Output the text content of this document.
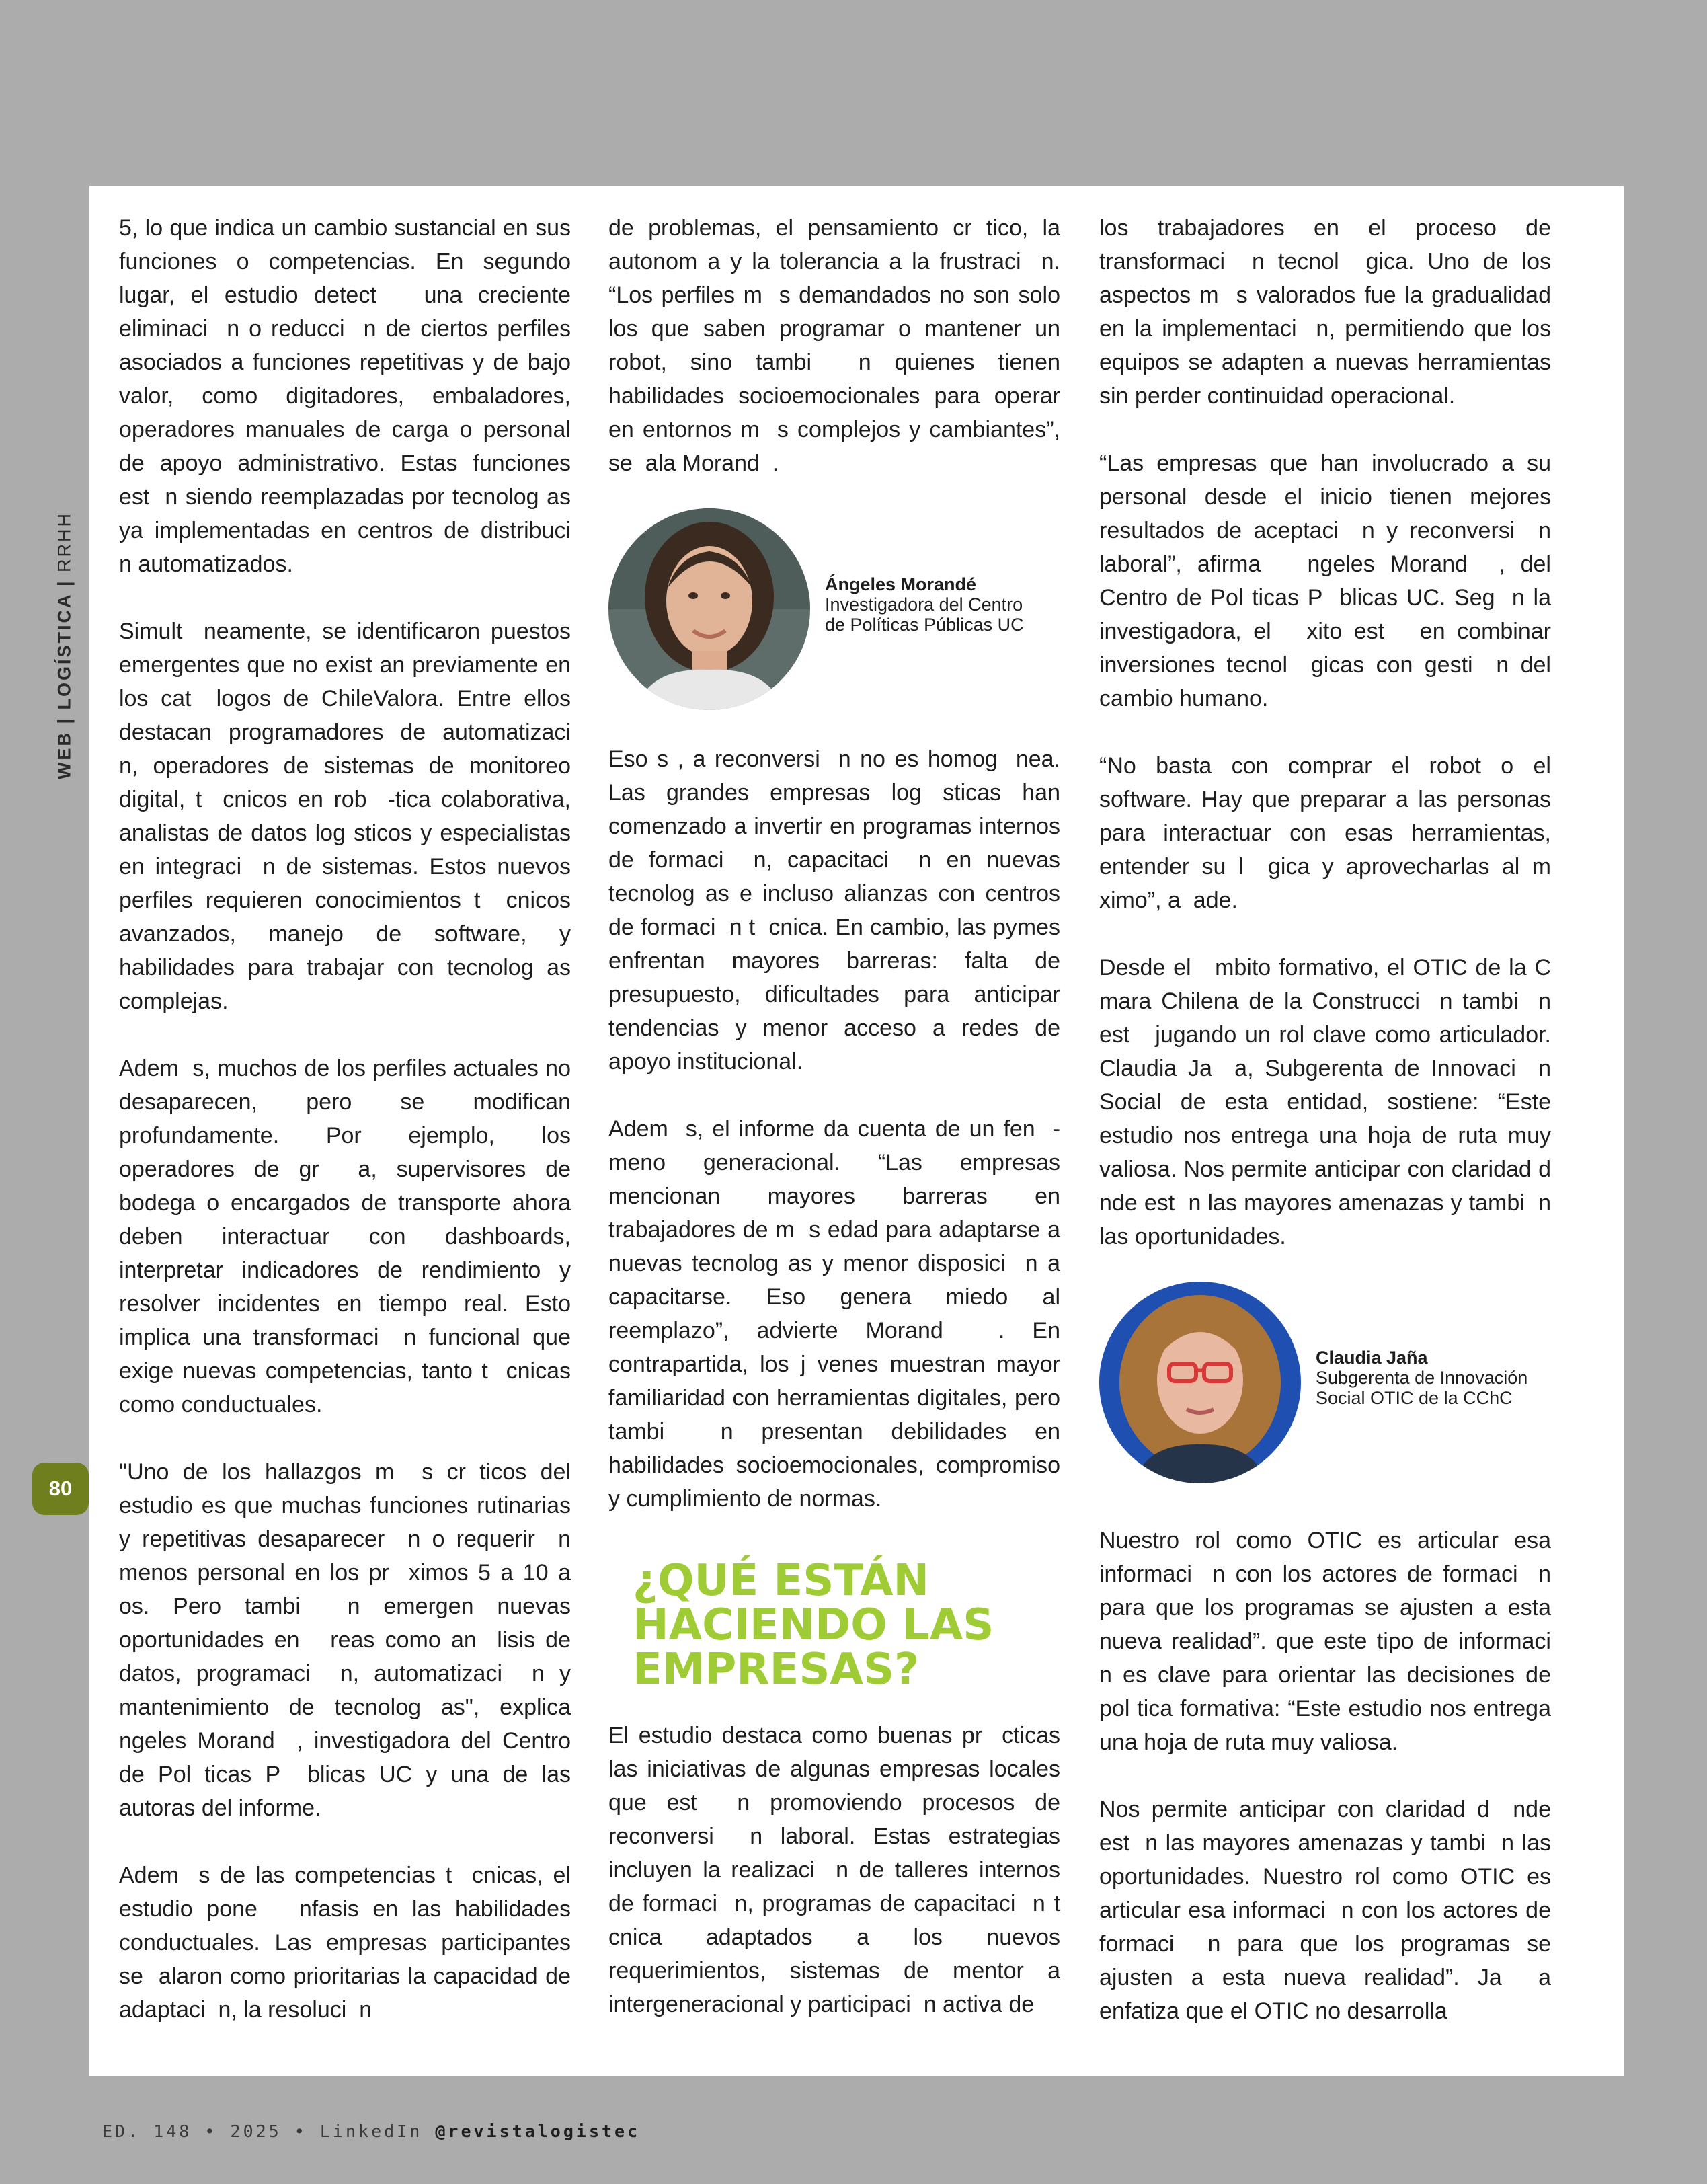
WEB | LOGÍSTICA | RRHH
80

5, lo que indica un cambio sustancial en sus funciones o competencias. En segundo lugar, el estudio detect   una creciente eliminaci  n o reducci  n de ciertos perfiles asociados a funciones repetitivas y de bajo valor, como digitadores, embaladores, operadores manuales de carga o personal de apoyo administrativo. Estas funciones est  n siendo reemplazadas por tecnolog as ya implementadas en centros de distribuci  n automatizados.

Simult  neamente, se identificaron puestos emergentes que no exist an previamente en los cat  logos de ChileValora. Entre ellos destacan programadores de automatizaci  n, operadores de sistemas de monitoreo digital, t  cnicos en rob  -tica colaborativa, analistas de datos log sticos y especialistas en integraci  n de sistemas. Estos nuevos perfiles requieren conocimientos t  cnicos avanzados, manejo de software, y habilidades para trabajar con tecnolog as complejas.

Adem  s, muchos de los perfiles actuales no desaparecen, pero se modifican profundamente. Por ejemplo, los operadores de gr  a, supervisores de bodega o encargados de transporte ahora deben interactuar con dashboards, interpretar indicadores de rendimiento y resolver incidentes en tiempo real. Esto implica una transformaci  n funcional que exige nuevas competencias, tanto t  cnicas como conductuales.

"Uno de los hallazgos m  s cr ticos del estudio es que muchas funciones rutinarias y repetitivas desaparecer  n o requerir  n menos personal en los pr  ximos 5 a 10 a  os. Pero tambi  n emergen nuevas oportunidades en   reas como an  lisis de datos, programaci  n, automatizaci  n y mantenimiento de tecnolog as", explica   ngeles Morand  , investigadora del Centro de Pol ticas P  blicas UC y una de las autoras del informe.

Adem  s de las competencias t  cnicas, el estudio pone   nfasis en las habilidades conductuales. Las empresas participantes se  alaron como prioritarias la capacidad de adaptaci  n, la resoluci  n

de problemas, el pensamiento cr tico, la autonom a y la tolerancia a la frustraci  n. “Los perfiles m  s demandados no son solo los que saben programar o mantener un robot, sino tambi  n quienes tienen habilidades socioemocionales para operar en entornos m  s complejos y cambiantes”, se  ala Morand  .

Ángeles Morandé
Investigadora del Centro
de Políticas Públicas UC

Eso s , a reconversi  n no es homog  nea. Las grandes empresas log sticas han comenzado a invertir en programas internos de formaci  n, capacitaci  n en nuevas tecnolog as e incluso alianzas con centros de formaci  n t  cnica. En cambio, las pymes enfrentan mayores barreras: falta de presupuesto, dificultades para anticipar tendencias y menor acceso a redes de apoyo institucional.

Adem  s, el informe da cuenta de un fen  -meno generacional. “Las empresas mencionan mayores barreras en trabajadores de m  s edad para adaptarse a nuevas tecnolog as y menor disposici  n a capacitarse. Eso genera miedo al reemplazo”, advierte Morand  . En contrapartida, los j venes muestran mayor familiaridad con herramientas digitales, pero tambi  n presentan debilidades en habilidades socioemocionales, compromiso y cumplimiento de normas.

¿QUÉ ESTÁN
HACIENDO LAS
EMPRESAS?

El estudio destaca como buenas pr  cticas las iniciativas de algunas empresas locales que est  n promoviendo procesos de reconversi  n laboral. Estas estrategias incluyen la realizaci  n de talleres internos de formaci  n, programas de capacitaci  n t  cnica adaptados a los nuevos requerimientos, sistemas de mentor a intergeneracional y participaci  n activa de

los trabajadores en el proceso de transformaci  n tecnol  gica. Uno de los aspectos m  s valorados fue la gradualidad en la implementaci  n, permitiendo que los equipos se adapten a nuevas herramientas sin perder continuidad operacional.

“Las empresas que han involucrado a su personal desde el inicio tienen mejores resultados de aceptaci  n y reconversi  n laboral”, afirma   ngeles Morand  , del Centro de Pol ticas P  blicas UC. Seg  n la investigadora, el   xito est   en combinar inversiones tecnol  gicas con gesti  n del cambio humano.

“No basta con comprar el robot o el software. Hay que preparar a las personas para interactuar con esas herramientas, entender su l  gica y aprovecharlas al m  ximo”, a  ade.

Desde el   mbito formativo, el OTIC de la C  mara Chilena de la Construcci  n tambi  n est   jugando un rol clave como articulador. Claudia Ja  a, Subgerenta de Innovaci  n Social de esta entidad, sostiene: “Este estudio nos entrega una hoja de ruta muy valiosa. Nos permite anticipar con claridad d  nde est  n las mayores amenazas y tambi  n las oportunidades.

Claudia Jaña
Subgerenta de Innovación
Social OTIC de la CChC

Nuestro rol como OTIC es articular esa informaci  n con los actores de formaci  n para que los programas se ajusten a esta nueva realidad”. que este tipo de informaci  n es clave para orientar las decisiones de pol tica formativa: “Este estudio nos entrega una hoja de ruta muy valiosa.

Nos permite anticipar con claridad d  nde est  n las mayores amenazas y tambi  n las oportunidades. Nuestro rol como OTIC es articular esa informaci  n con los actores de formaci  n para que los programas se ajusten a esta nueva realidad”. Ja  a enfatiza que el OTIC no desarrolla

ED. 148 • 2025 • LinkedIn @revistalogistec
